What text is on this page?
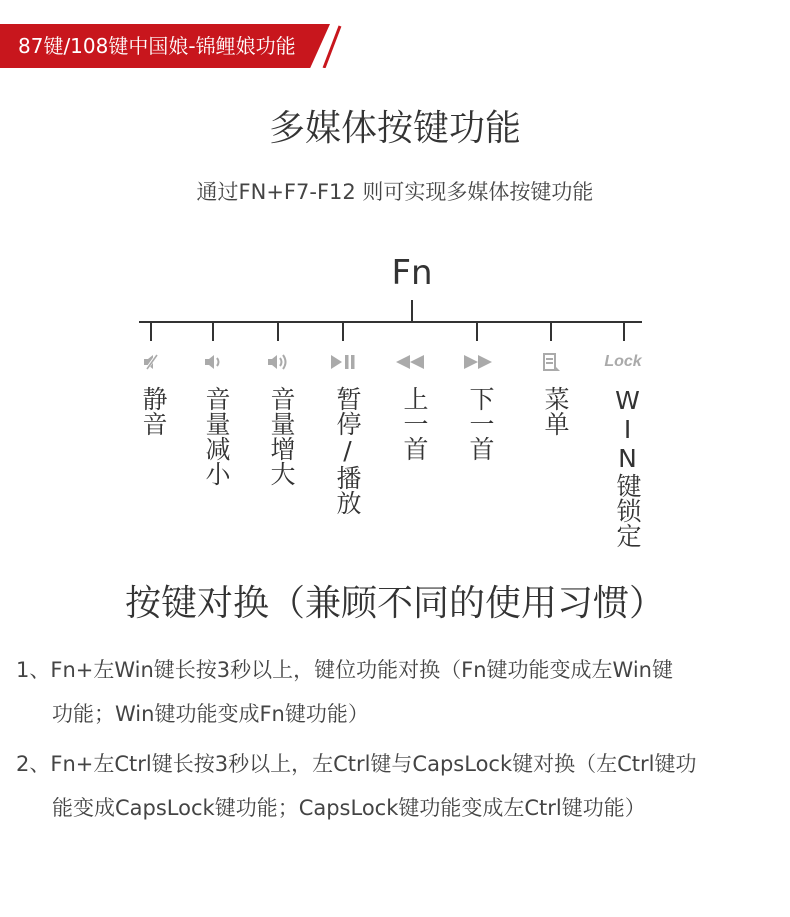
87键/108键中国娘-锦鲤娘功能
多媒体按键功能
通过FN+F7-F12 则可实现多媒体按键功能
Fn
Lock
静音 音量减小 音量增大 暂停/播放 上一首 下一首 菜单 WIN键锁定
按键对换（兼顾不同的使用习惯）
1、Fn+左Win键长按3秒以上，键位功能对换（Fn键功能变成左Win键
功能；Win键功能变成Fn键功能）
2、Fn+左Ctrl键长按3秒以上，左Ctrl键与CapsLock键对换（左Ctrl键功
能变成CapsLock键功能；CapsLock键功能变成左Ctrl键功能）
